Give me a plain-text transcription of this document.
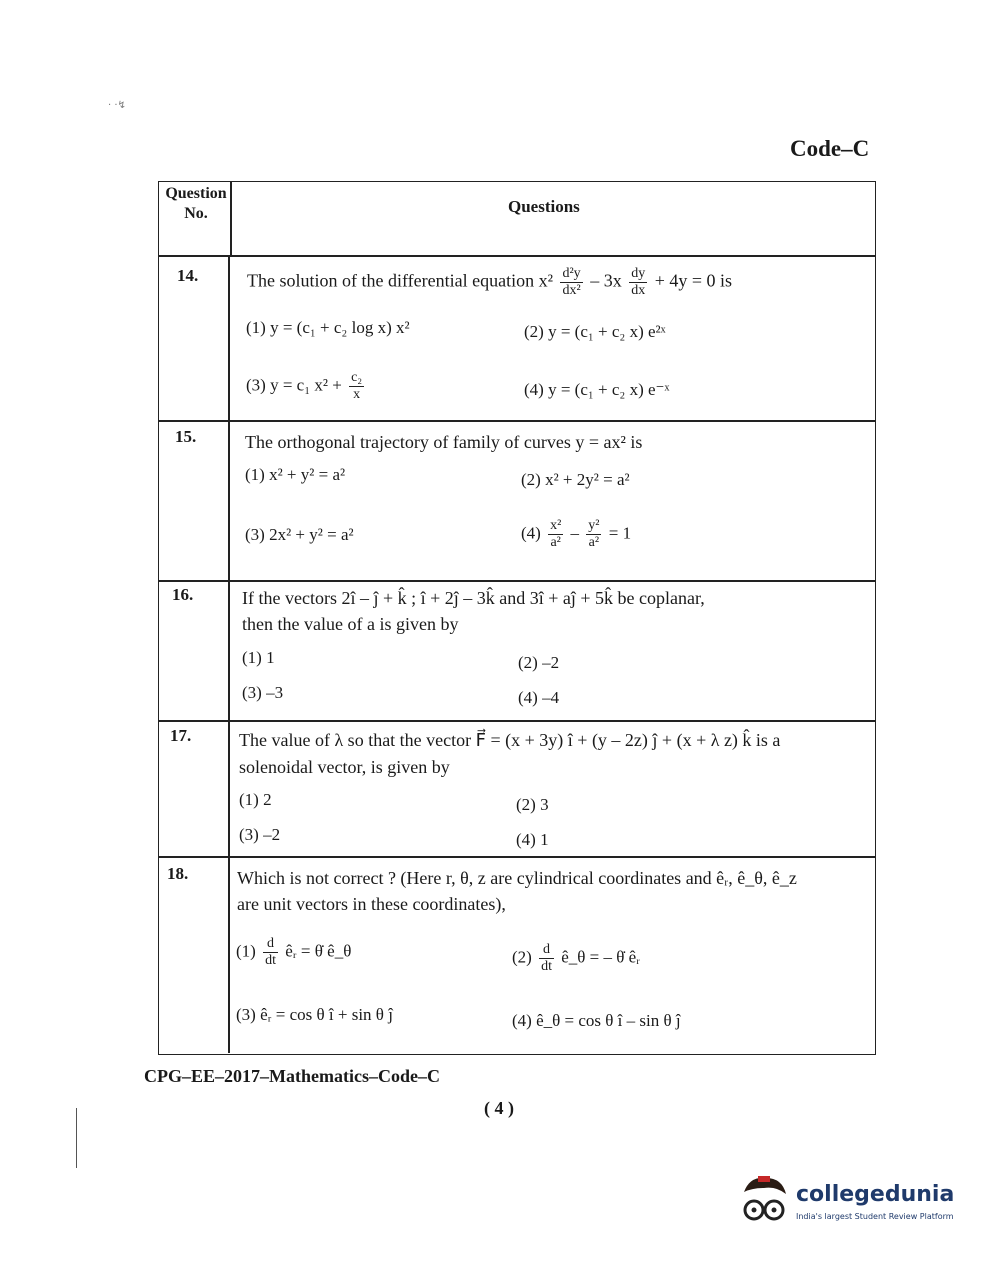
· ·↯
Code–C
Question No.	Questions
14.	The solution of the differential equation $x^2 \frac{\text{d²y}}{\text{dx²}} - 3x \frac{dy}{dx} + 4y = 0$ is
(1) y = (c₁ + c₂ log x) x²	(2) y = (c₁ + c₂ x) e²ˣ
(3) y = c₁ $x^2 + \frac{\text{c₂}}{x}$	(4) y = (c₁ + c₂ x) e⁻ˣ
15.	The orthogonal trajectory of family of curves y = ax² is
(1) x² + y² = a²	(2) x² + 2y² = a²
(3) 2x² + y² = a²	$(4) \frac{\text{x²}}{\text{a²}} - \frac{\text{y²}}{\text{a²}} = 1$
16.	If the vectors 2î – ĵ + k̂ ; î + 2ĵ – 3k̂ and 3î + aĵ + 5k̂ be coplanar,
then the value of a is given by
(1) 1	(2) –2
(3) –3	(4) –4
17.	The value of λ so that the vector F⃗ = (x + 3y) î + (y – 2z) ĵ + (x + λ z) k̂ is a
solenoidal vector, is given by
(1) 2	(2) 3
(3) –2	(4) 1
18.	Which is not correct ? (Here r, θ, z are cylindrical coordinates and êᵣ, ê_θ, ê_z
are unit vectors in these coordinates),
$(1) \frac{d}{dt}$ êᵣ = θ̇ ê_θ	$(2) \frac{d}{dt}$ ê_θ = – θ̇ êᵣ
(3) êᵣ = cos θ î + sin θ ĵ	(4) ê_θ = cos θ î – sin θ ĵ
CPG–EE–2017–Mathematics–Code–C
( 4 )
collegedunia
India's largest Student Review Platform
